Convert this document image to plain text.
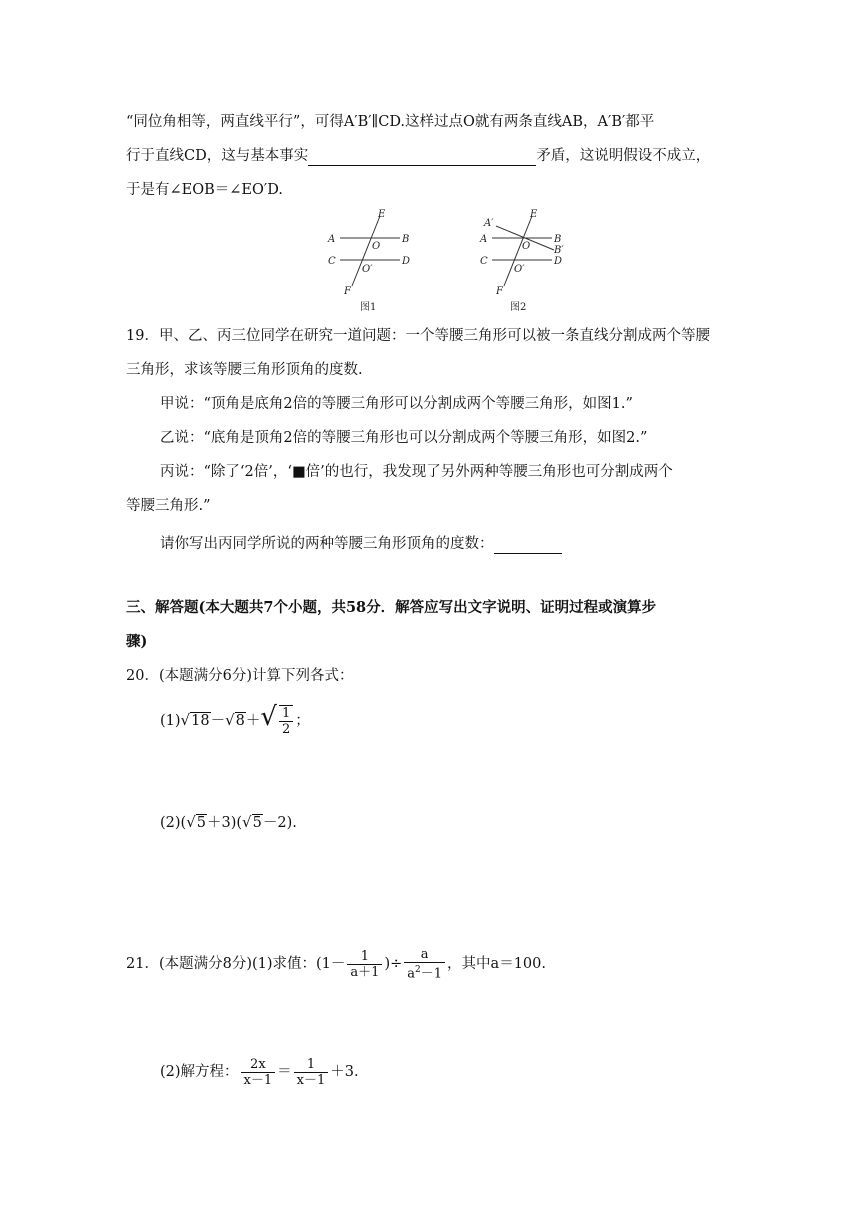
“同位角相等，两直线平行”，可得A′B′∥CD.这样过点O就有两条直线AB，A′B′都平
行于直线CD，这与基本事实	矛盾，这说明假设不成立，
于是有∠EOB＝∠EO′D.
E
A
O
B
C
O′
D
F
图1
A′
E
A
O
B
B′
C
O′
D
F
图2
19．甲、乙、丙三位同学在研究一道问题：一个等腰三角形可以被一条直线分割成两个等腰
三角形，求该等腰三角形顶角的度数.
甲说：“顶角是底角2倍的等腰三角形可以分割成两个等腰三角形，如图1.”
乙说：“底角是顶角2倍的等腰三角形也可以分割成两个等腰三角形，如图2.”
丙说：“除了‘2倍’，‘■倍’的也行，我发现了另外两种等腰三角形也可分割成两个
等腰三角形.”
请你写出丙同学所说的两种等腰三角形顶角的度数：
三、解答题(本大题共7个小题，共58分．解答应写出文字说明、证明过程或演算步
骤)
20．(本题满分6分)计算下列各式：
$(1)√18-√8+√ \frac{1}{2}$ ；
(2)(√5＋3)(√5－2).
21．(本题满分8分)(1)求值：($1- \frac{1}{a+1}$ )÷ $\frac{a}{a^2-1}$ ，其中a＝100.
(2)解方程： $\frac{2x}{x-1} = \frac{1}{x-1} +3$.
